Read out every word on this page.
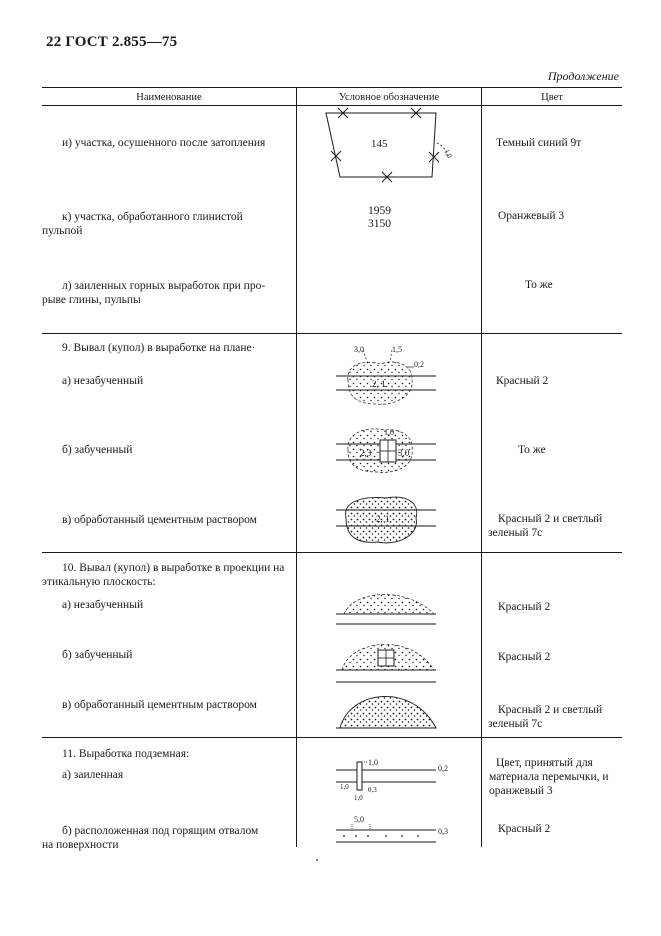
22 ГОСТ 2.855—75
Продолжение
Наименование	Условное обозначение	Цвет
и) участка, осушенного после затопления	Темный синий 9т
145
1,0
к) участка, обработанного глинистой
пульпой
1959
3150
Оранжевый 3
л) заиленных горных выработок при про-
рыве глины, пульпы
То же
9. Вывал (купол) в выработке на плане·
а) незабученный	Красный 2
3,0	1,5
0,2
2, 1.
б) забученный	То же
1,0
2,3	3,0
в) обработанный цементным раствором	Красный 2 и светлый
зеленый 7с
2, 1.
10. Вывал (купол) в выработке в проекции на
этикальную плоскость:
а) незабученный	Красный 2
б) забученный	Красный 2
в) обработанный цементным раствором	Красный 2 и светлый
зеленый 7с
11. Выработка подземная:
а) заиленная
Цвет, принятый для
материала перемычки, и
оранжевый 3
1,0
0,2
1,0	0,3
1,0
б) расположенная под горящим отвалом
на поверхности
Красный 2
5,0
0,3
